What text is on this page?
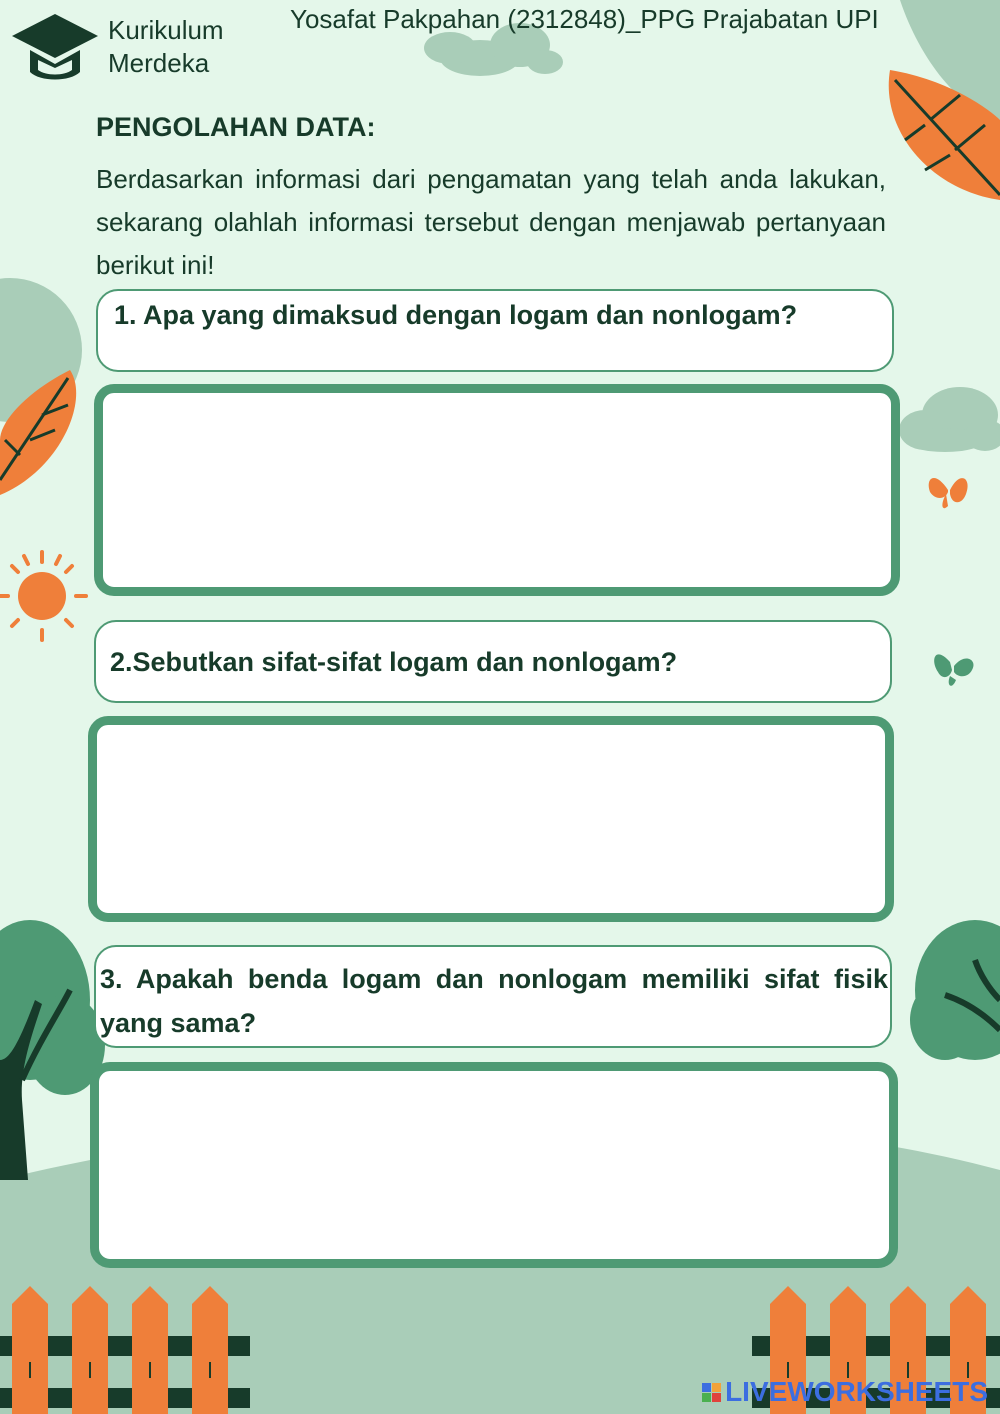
Kurikulum
Merdeka
Yosafat Pakpahan (2312848)_PPG Prajabatan UPI
PENGOLAHAN DATA:
Berdasarkan informasi dari pengamatan yang telah anda lakukan, sekarang olahlah informasi tersebut dengan menjawab pertanyaan berikut ini!
1. Apa yang dimaksud dengan logam dan nonlogam?
2.Sebutkan sifat-sifat logam dan nonlogam?
3. Apakah benda logam dan nonlogam memiliki sifat fisik yang sama?
LIVEWORKSHEETS
